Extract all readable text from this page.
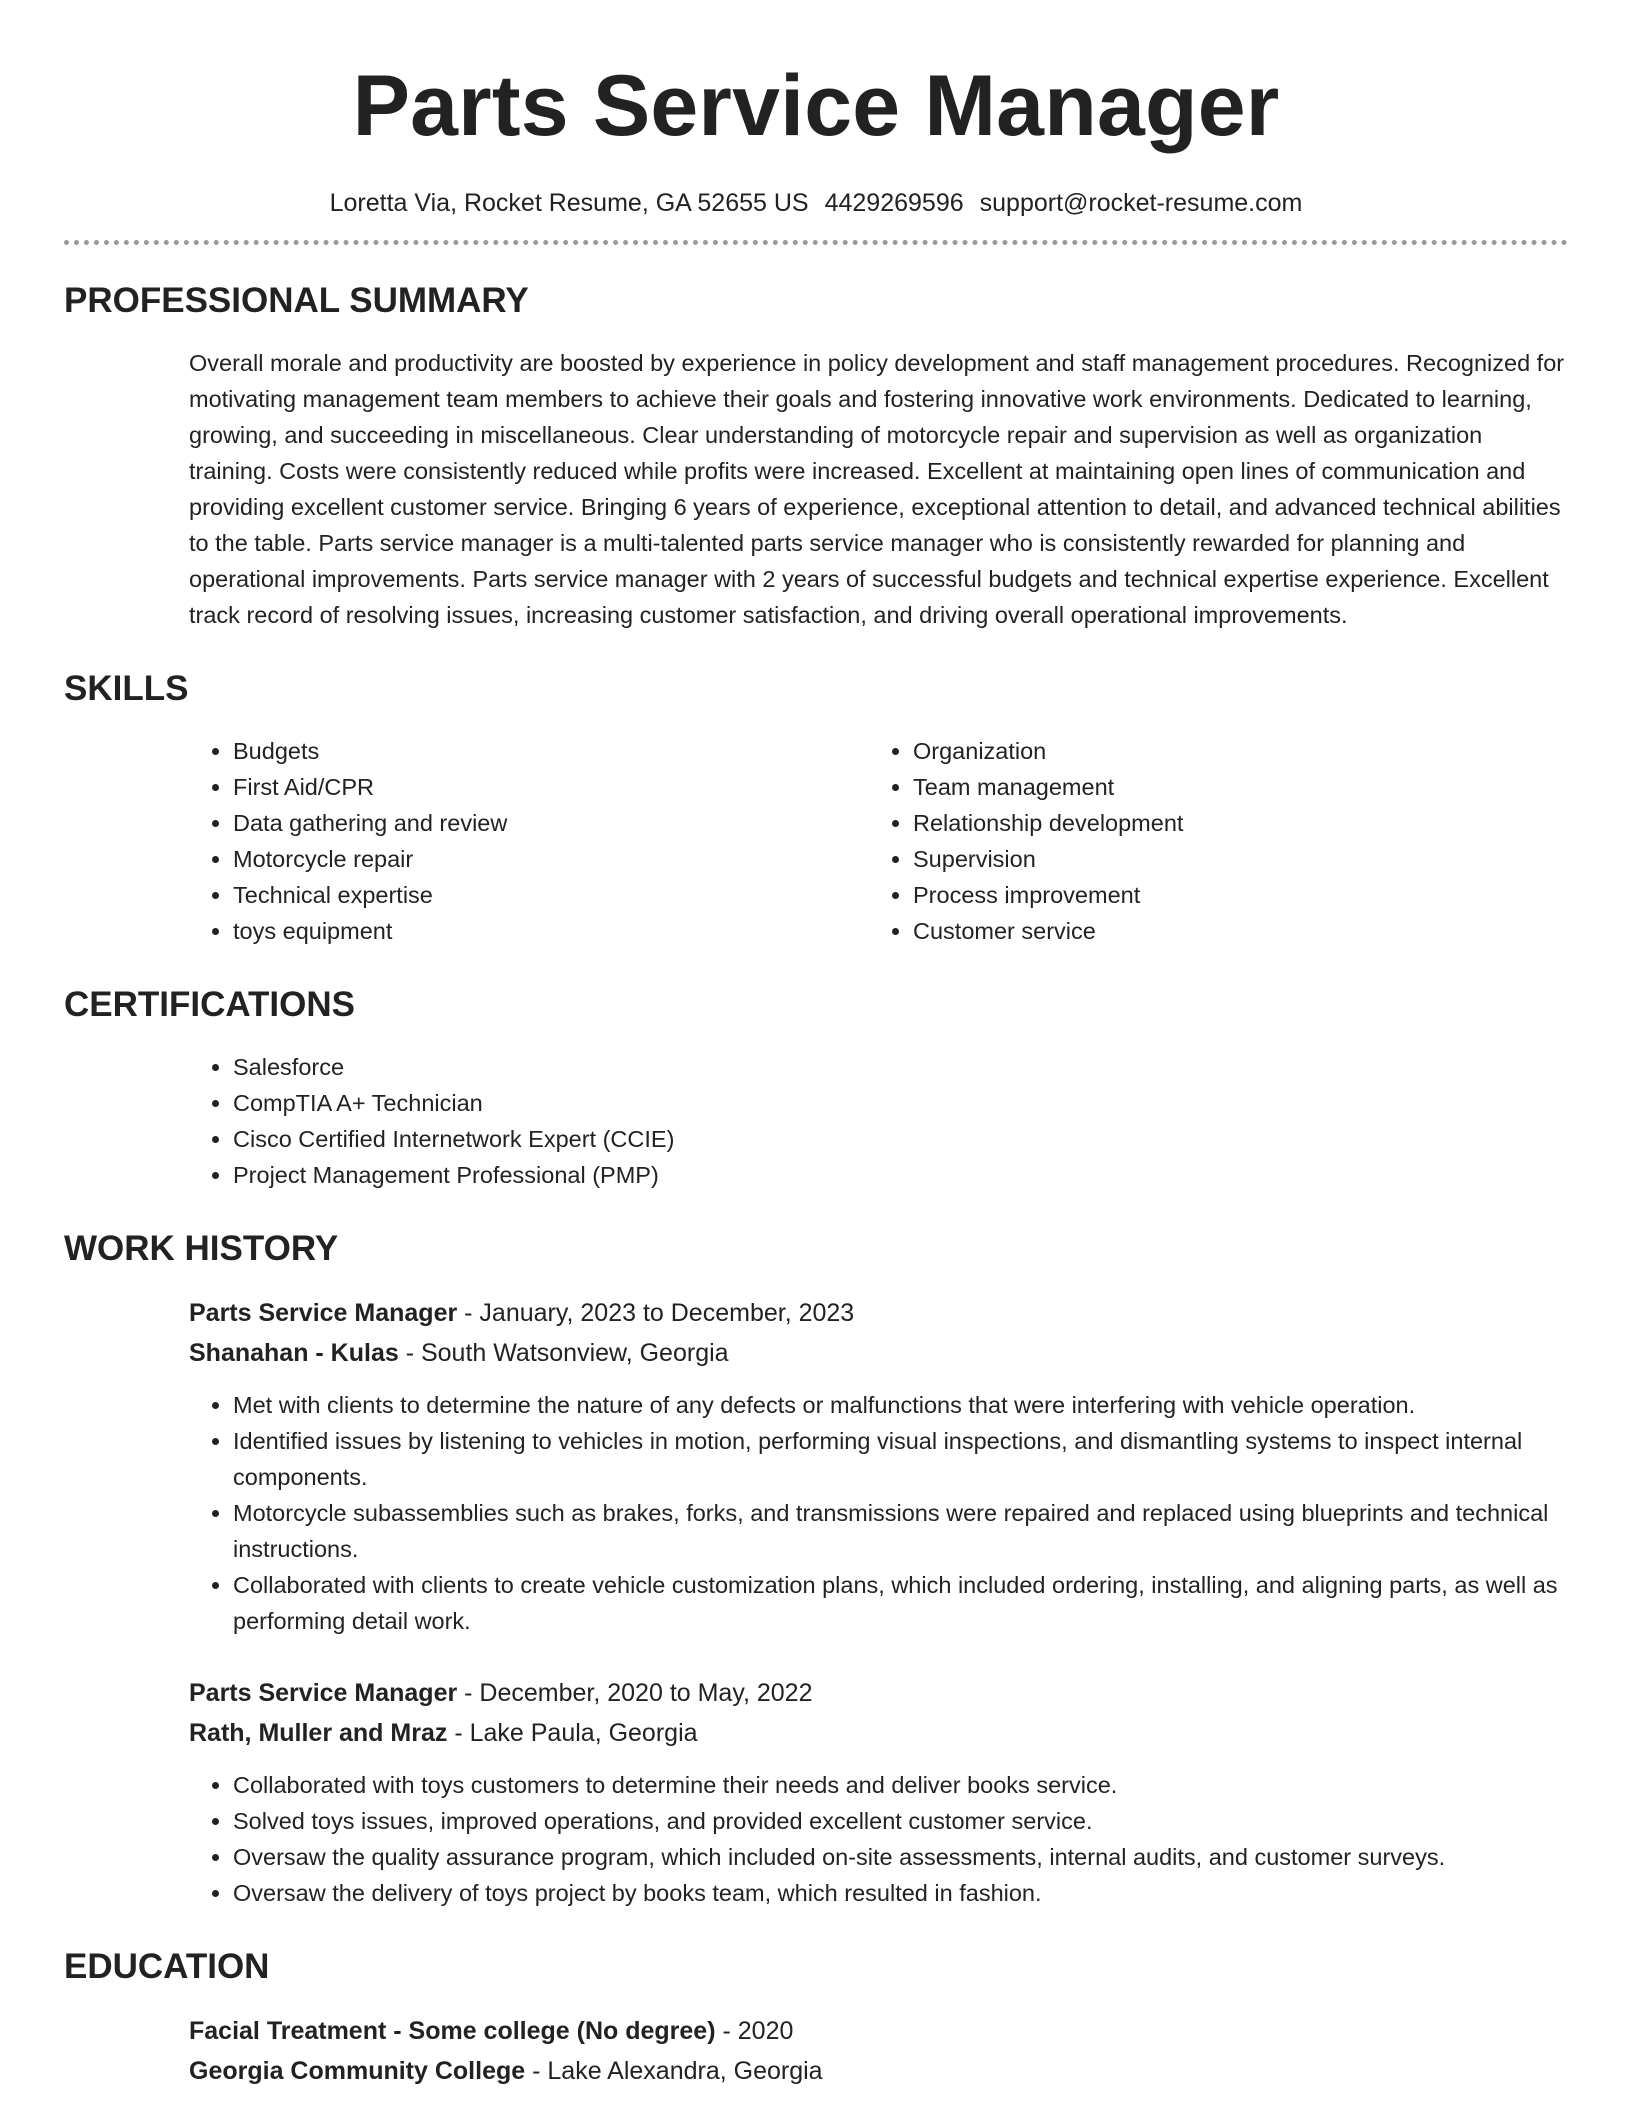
Parts Service Manager
Loretta Via, Rocket Resume, GA 52655 US 4429269596 support@rocket-resume.com
PROFESSIONAL SUMMARY

Overall morale and productivity are boosted by experience in policy development and staff management procedures. Recognized for motivating management team members to achieve their goals and fostering innovative work environments. Dedicated to learning, growing, and succeeding in miscellaneous. Clear understanding of motorcycle repair and supervision as well as organization training. Costs were consistently reduced while profits were increased. Excellent at maintaining open lines of communication and providing excellent customer service. Bringing 6 years of experience, exceptional attention to detail, and advanced technical abilities to the table. Parts service manager is a multi-talented parts service manager who is consistently rewarded for planning and operational improvements. Parts service manager with 2 years of successful budgets and technical expertise experience. Excellent track record of resolving issues, increasing customer satisfaction, and driving overall operational improvements.

SKILLS
• Budgets
• First Aid/CPR
• Data gathering and review
• Motorcycle repair
• Technical expertise
• toys equipment
• Organization
• Team management
• Relationship development
• Supervision
• Process improvement
• Customer service
CERTIFICATIONS
• Salesforce
• CompTIA A+ Technician
• Cisco Certified Internetwork Expert (CCIE)
• Project Management Professional (PMP)
WORK HISTORY
Parts Service Manager - January, 2023 to December, 2023
Shanahan - Kulas - South Watsonview, Georgia
• Met with clients to determine the nature of any defects or malfunctions that were interfering with vehicle operation.
• Identified issues by listening to vehicles in motion, performing visual inspections, and dismantling systems to inspect internal components.
• Motorcycle subassemblies such as brakes, forks, and transmissions were repaired and replaced using blueprints and technical instructions.
• Collaborated with clients to create vehicle customization plans, which included ordering, installing, and aligning parts, as well as performing detail work.
Parts Service Manager - December, 2020 to May, 2022
Rath, Muller and Mraz - Lake Paula, Georgia
• Collaborated with toys customers to determine their needs and deliver books service.
• Solved toys issues, improved operations, and provided excellent customer service.
• Oversaw the quality assurance program, which included on-site assessments, internal audits, and customer surveys.
• Oversaw the delivery of toys project by books team, which resulted in fashion.
EDUCATION
Facial Treatment - Some college (No degree) - 2020
Georgia Community College - Lake Alexandra, Georgia
